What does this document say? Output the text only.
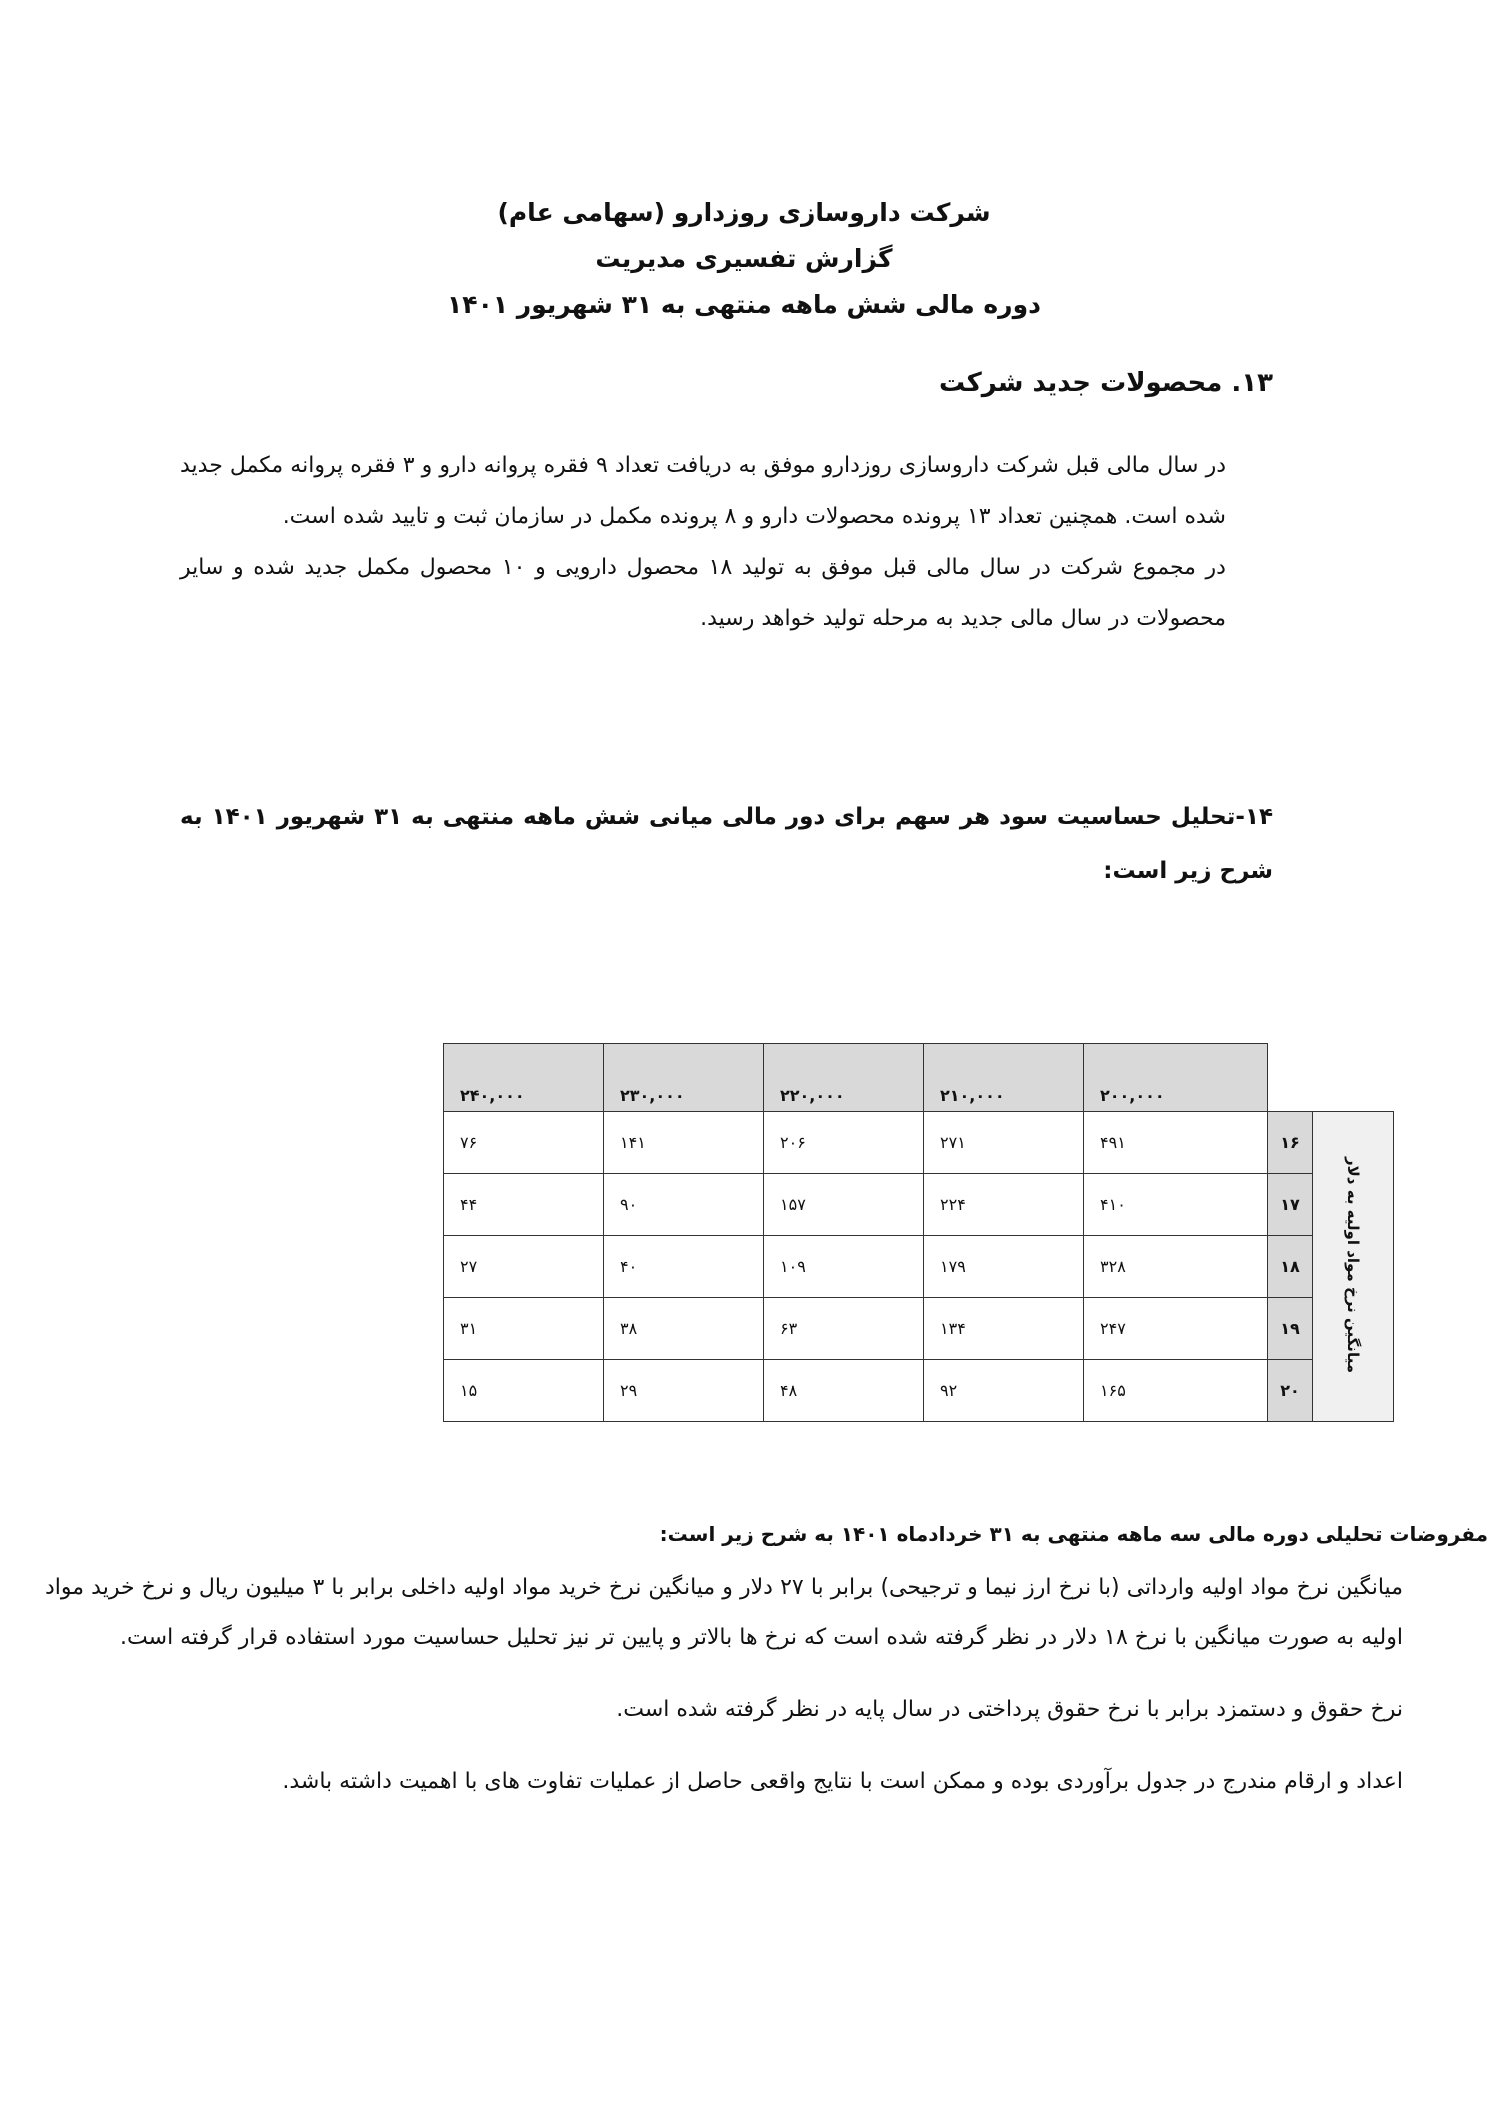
شرکت داروسازی روزدارو (سهامی عام)
گزارش تفسیری مدیریت
دوره مالی شش ماهه منتهی به ۳۱ شهریور ۱۴۰۱
۱۳. محصولات جدید شرکت

در سال مالی قبل شرکت داروسازی روزدارو موفق به دریافت تعداد ۹ فقره پروانه دارو و ۳ فقره پروانه مکمل جدید شده است. همچنین تعداد ۱۳ پرونده محصولات دارو و ۸ پرونده مکمل در سازمان ثبت و تایید شده است.

در مجموع شرکت در سال مالی قبل موفق به تولید ۱۸ محصول دارویی و ۱۰ محصول مکمل جدید شده و سایر محصولات در سال مالی جدید به مرحله تولید خواهد رسید.

۱۴-تحلیل حساسیت سود هر سهم برای دور مالی میانی شش ماهه منتهی به ۳۱ شهریور ۱۴۰۱ به شرح زیر است:
		۲۰۰,۰۰۰	۲۱۰,۰۰۰	۲۲۰,۰۰۰	۲۳۰,۰۰۰	۲۴۰,۰۰۰
میانگین نرخ مواد اولیه به دلار	۱۶	۴۹۱	۲۷۱	۲۰۶	۱۴۱	۷۶
	۱۷	۴۱۰	۲۲۴	۱۵۷	۹۰	۴۴
	۱۸	۳۲۸	۱۷۹	۱۰۹	۴۰	۲۷
	۱۹	۲۴۷	۱۳۴	۶۳	۳۸	۳۱
	۲۰	۱۶۵	۹۲	۴۸	۲۹	۱۵
مفروضات تحلیلی دوره مالی سه ماهه منتهی به ۳۱ خردادماه ۱۴۰۱ به شرح زیر است:

میانگین نرخ مواد اولیه وارداتی (با نرخ ارز نیما و ترجیحی) برابر با ۲۷ دلار و میانگین نرخ خرید مواد اولیه داخلی برابر با ۳ میلیون ریال و نرخ خرید مواد اولیه به صورت میانگین با نرخ ۱۸ دلار در نظر گرفته شده است که نرخ ها بالاتر و پایین تر نیز تحلیل حساسیت مورد استفاده قرار گرفته است.

نرخ حقوق و دستمزد برابر با نرخ حقوق پرداختی در سال پایه در نظر گرفته شده است.

اعداد و ارقام مندرج در جدول برآوردی بوده و ممکن است با نتایج واقعی حاصل از عملیات تفاوت های با اهمیت داشته باشد.
